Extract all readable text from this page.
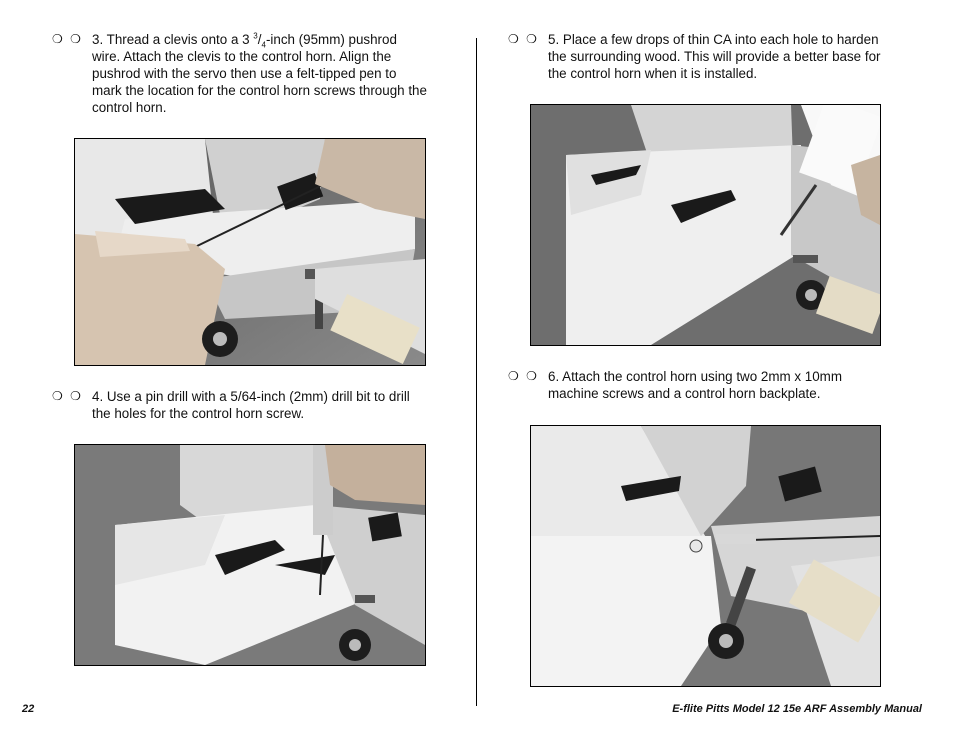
❍ ❍ 3. Thread a clevis onto a 3 $^3/_4$-inch (95mm) pushrod
wire. Attach the clevis to the control horn. Align the
pushrod with the servo then use a felt-tipped pen to
mark the location for the control horn screws through the
control horn.
❍ ❍ 4. Use a pin drill with a 5/64-inch (2mm) drill bit to drill
the holes for the control horn screw.
❍ ❍ 5. Place a few drops of thin CA into each hole to harden
the surrounding wood. This will provide a better base for
the control horn when it is installed.
❍ ❍ 6. Attach the control horn using two 2mm x 10mm
machine screws and a control horn backplate.
22	E-flite Pitts Model 12 15e ARF Assembly Manual
